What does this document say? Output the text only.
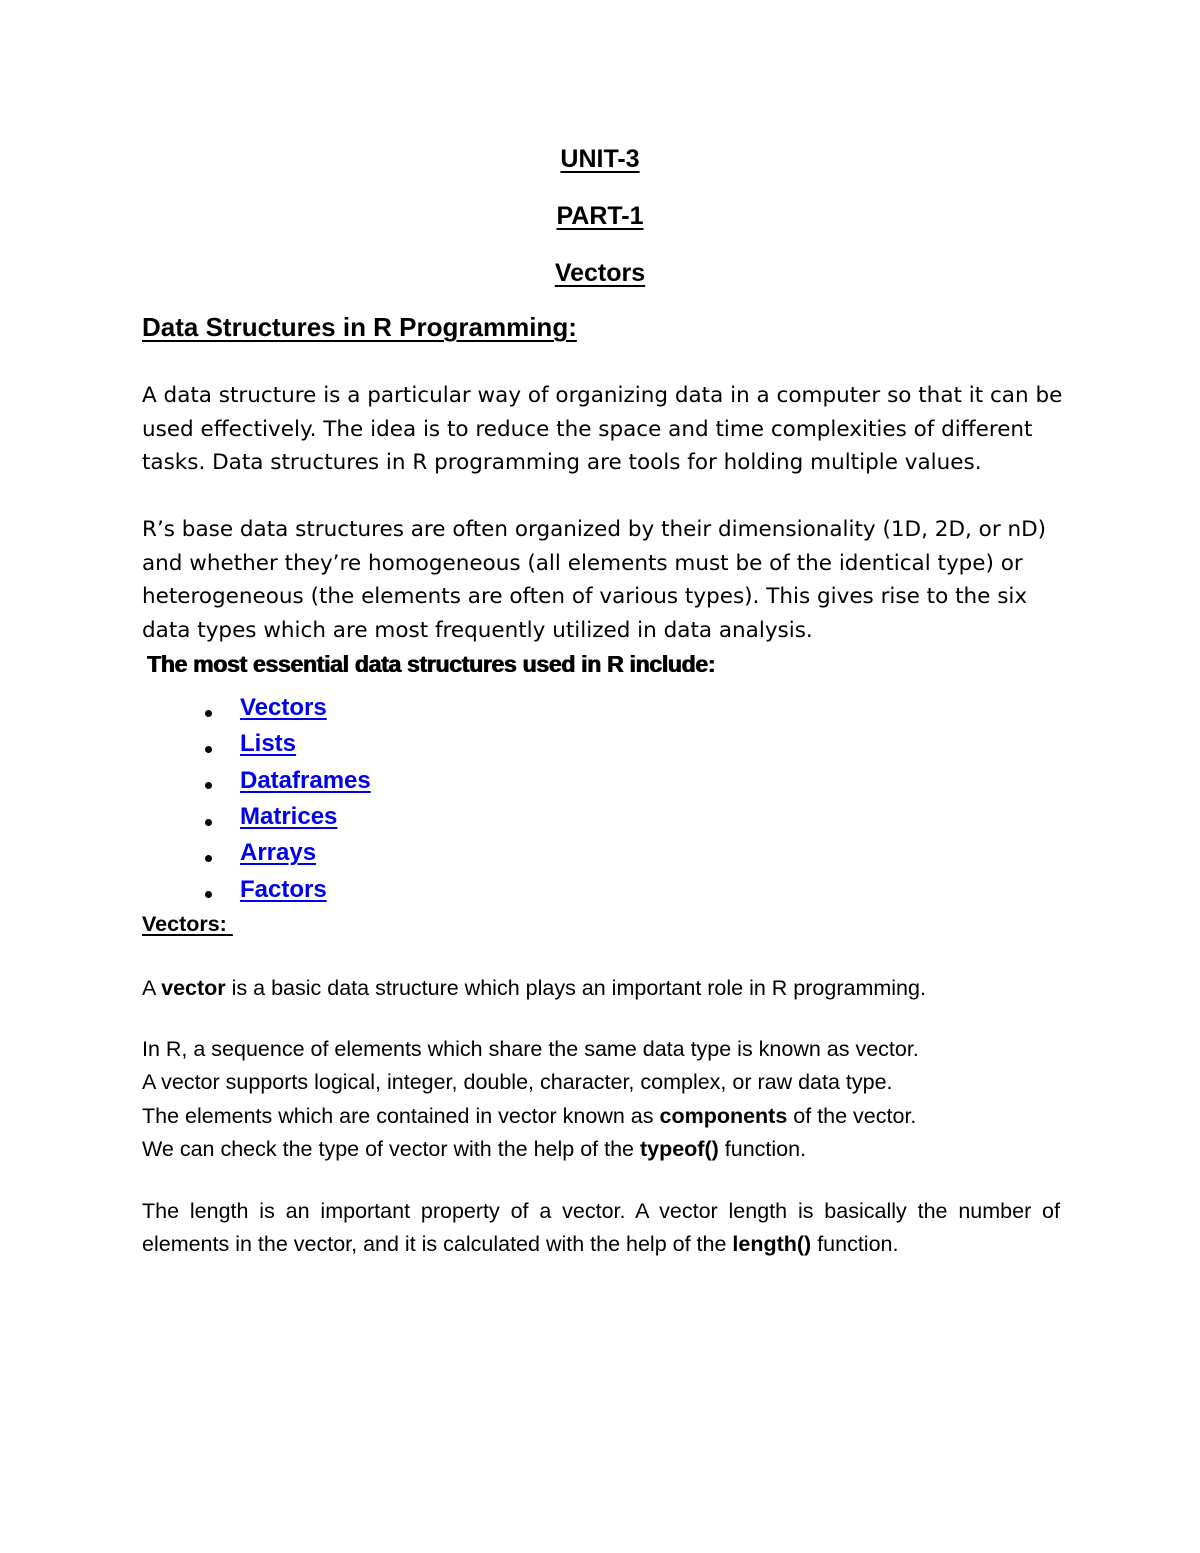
UNIT-3
PART-1
Vectors
Data Structures in R Programming:

A data structure is a particular way of organizing data in a computer so that it can be used effectively. The idea is to reduce the space and time complexities of different tasks. Data structures in R programming are tools for holding multiple values.

R’s base data structures are often organized by their dimensionality (1D, 2D, or nD) and whether they’re homogeneous (all elements must be of the identical type) or heterogeneous (the elements are often of various types). This gives rise to the six data types which are most frequently utilized in data analysis.

The most essential data structures used in R include:
Vectors
Lists
Dataframes
Matrices
Arrays
Factors
Vectors:

A vector is a basic data structure which plays an important role in R programming.

In R, a sequence of elements which share the same data type is known as vector.
A vector supports logical, integer, double, character, complex, or raw data type.
The elements which are contained in vector known as components of the vector.
We can check the type of vector with the help of the typeof() function.

The length is an important property of a vector. A vector length is basically the number of elements in the vector, and it is calculated with the help of the length() function.
